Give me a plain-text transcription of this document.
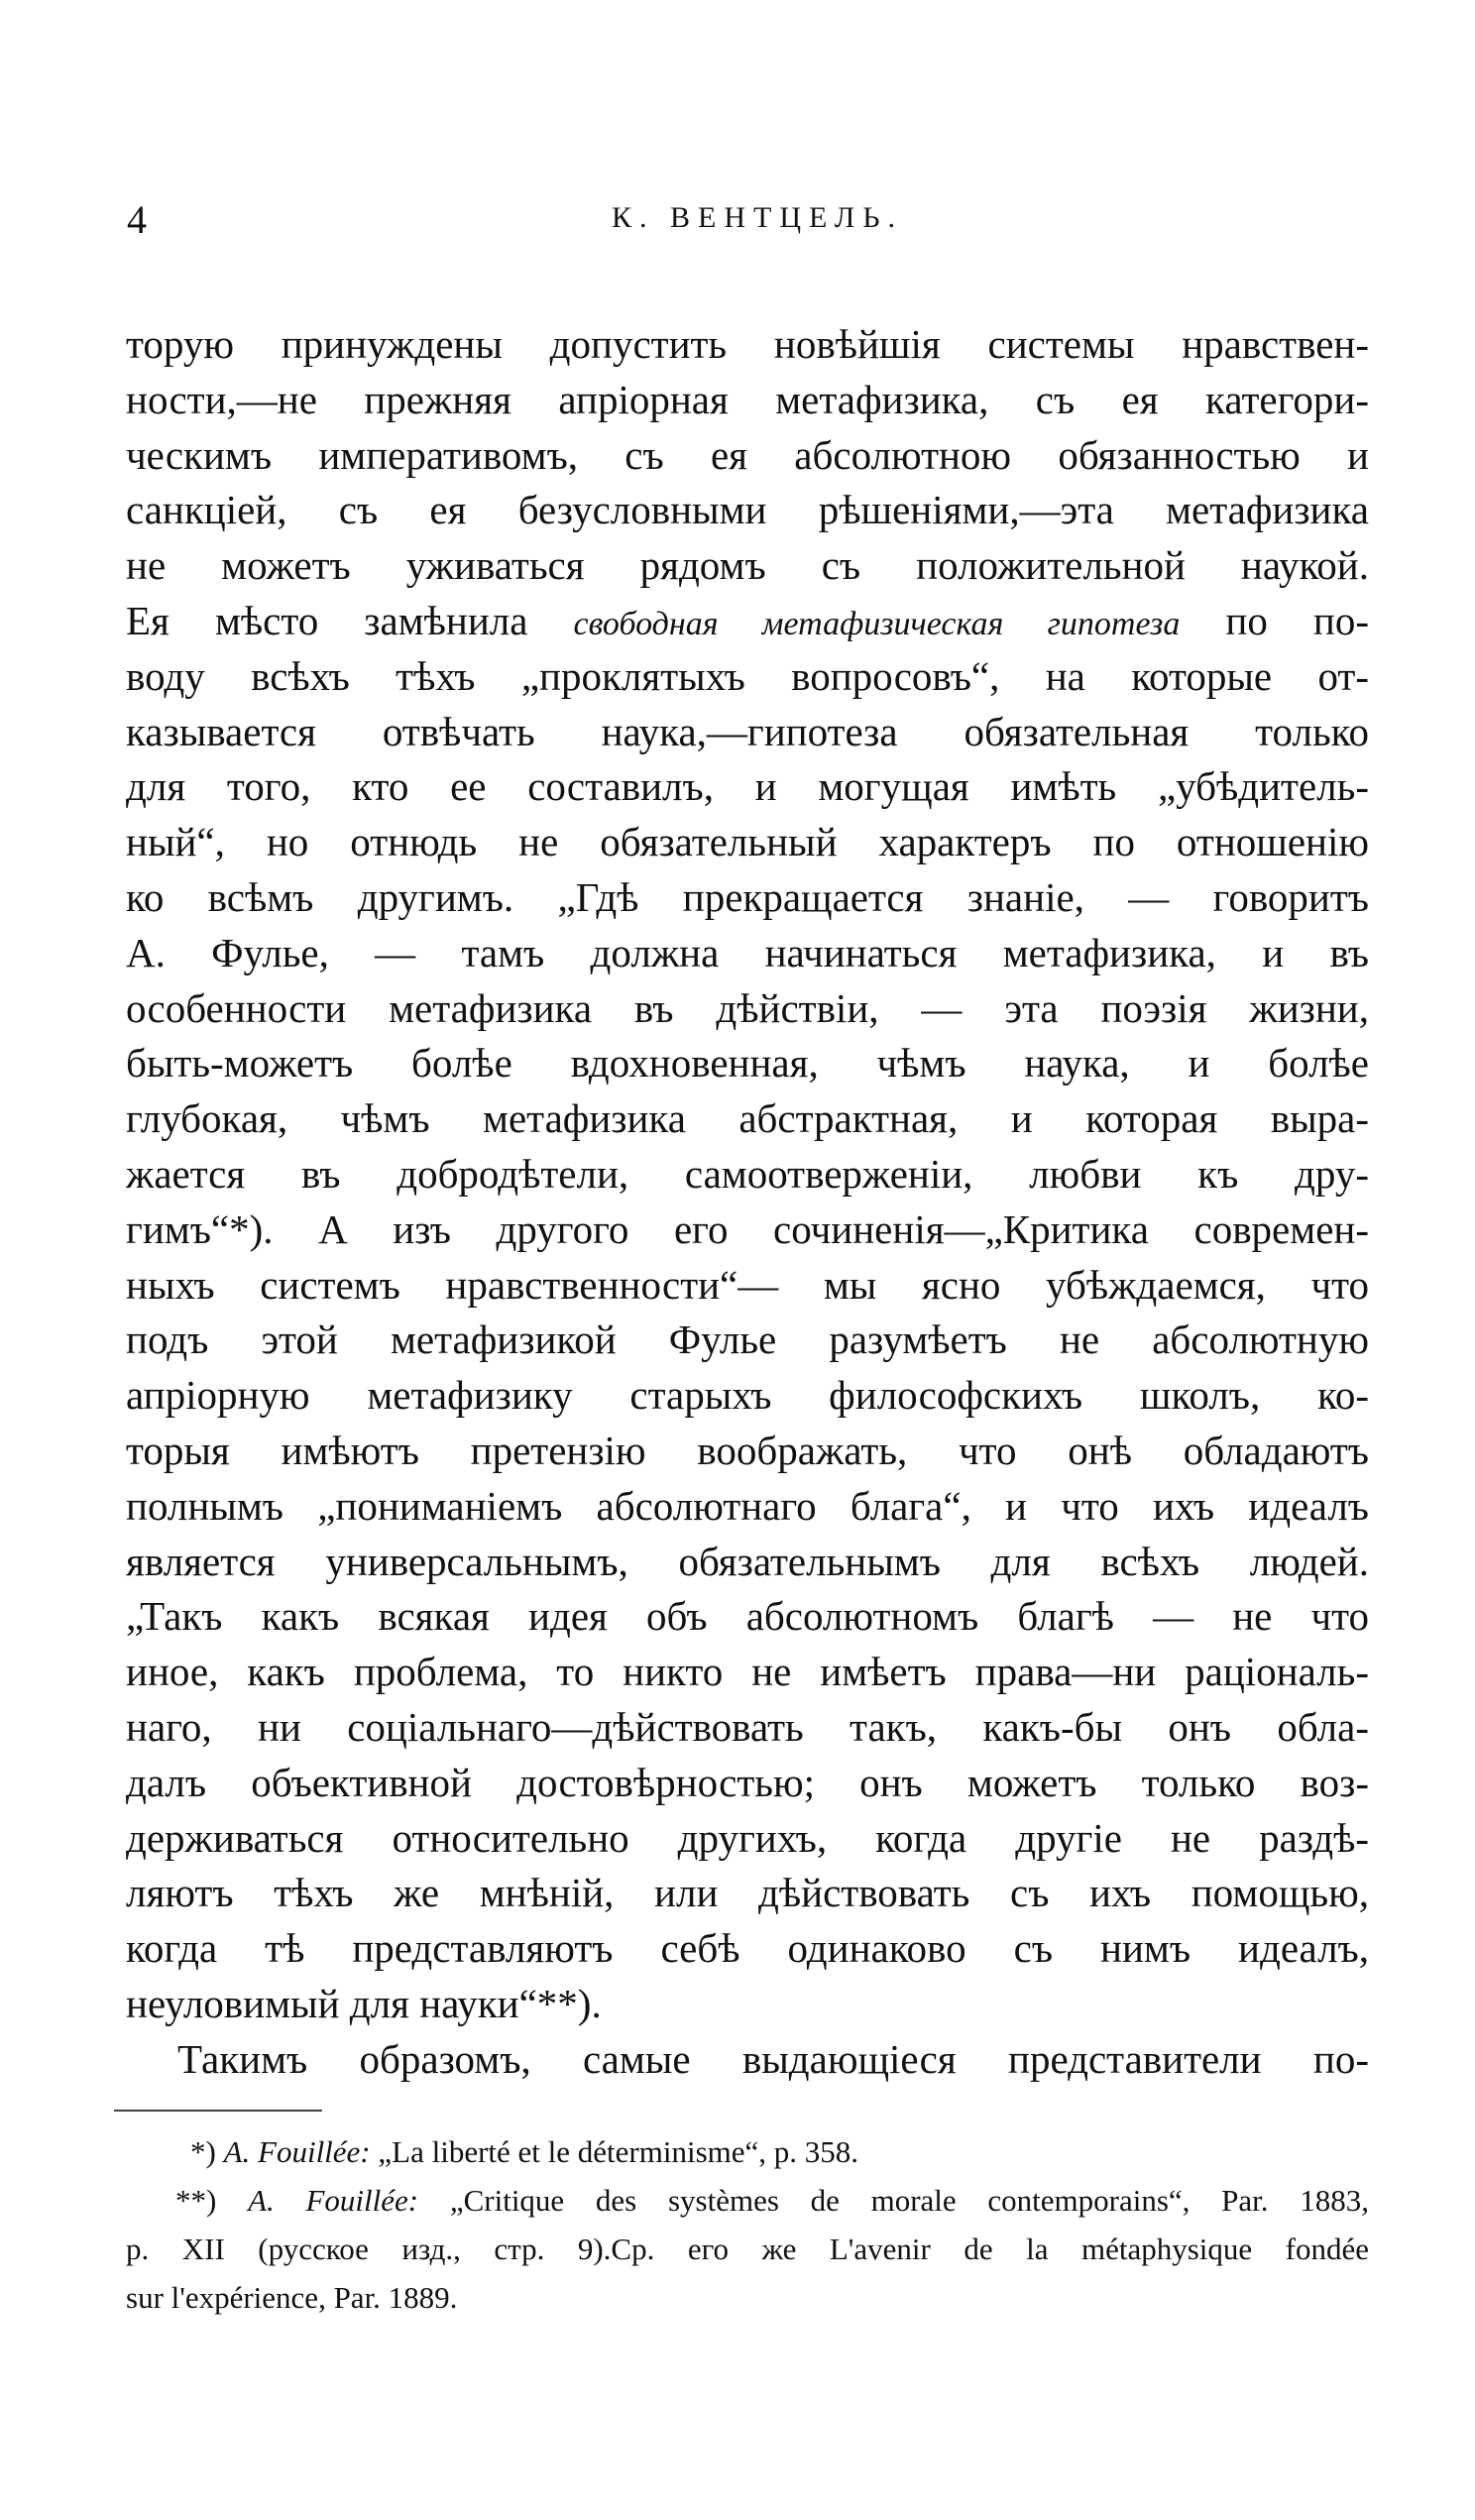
4	К. ВЕНТЦЕЛЬ.
торую принуждены допустить новѣйшія системы нравствен-
ности,—не прежняя апріорная метафизика, съ ея категори-
ческимъ императивомъ, съ ея абсолютною обязанностью и
санкціей, съ ея безусловными рѣшеніями,—эта метафизика
не можетъ уживаться рядомъ съ положительной наукой.
Ея мѣсто замѣнила свободная метафизическая гипотеза по по-
воду всѣхъ тѣхъ „проклятыхъ вопросовъ“, на которые от-
казывается отвѣчать наука,—гипотеза обязательная только
для того, кто ее составилъ, и могущая имѣть „убѣдитель-
ный“, но отнюдь не обязательный характеръ по отношенію
ко всѣмъ другимъ. „Гдѣ прекращается знаніе, — говоритъ
А. Фулье, — тамъ должна начинаться метафизика, и въ
особенности метафизика въ дѣйствіи, — эта поэзія жизни,
быть-можетъ болѣе вдохновенная, чѣмъ наука, и болѣе
глубокая, чѣмъ метафизика абстрактная, и которая выра-
жается въ добродѣтели, самоотверженіи, любви къ дру-
гимъ“*). А изъ другого его сочиненія—„Критика современ-
ныхъ системъ нравственности“— мы ясно убѣждаемся, что
подъ этой метафизикой Фулье разумѣетъ не абсолютную
апріорную метафизику старыхъ философскихъ школъ, ко-
торыя имѣютъ претензію воображать, что онѣ обладаютъ
полнымъ „пониманіемъ абсолютнаго блага“, и что ихъ идеалъ
является универсальнымъ, обязательнымъ для всѣхъ людей.
„Такъ какъ всякая идея объ абсолютномъ благѣ — не что
иное, какъ проблема, то никто не имѣетъ права—ни раціональ-
наго, ни соціальнаго—дѣйствовать такъ, какъ-бы онъ обла-
далъ объективной достовѣрностью; онъ можетъ только воз-
держиваться относительно другихъ, когда другіе не раздѣ-
ляютъ тѣхъ же мнѣній, или дѣйствовать съ ихъ помощью,
когда тѣ представляютъ себѣ одинаково съ нимъ идеалъ,
неуловимый для науки“**).
Такимъ образомъ, самые выдающіеся представители по-
*) A. Fouillée: „La liberté et le déterminisme“, p. 358.
**) A. Fouillée: „Critique des systèmes de morale contemporains“, Par. 1883,
p. XII (русское изд., стр. 9).Ср. его же L'avenir de la métaphysique fondée
sur l'expérience, Par. 1889.
